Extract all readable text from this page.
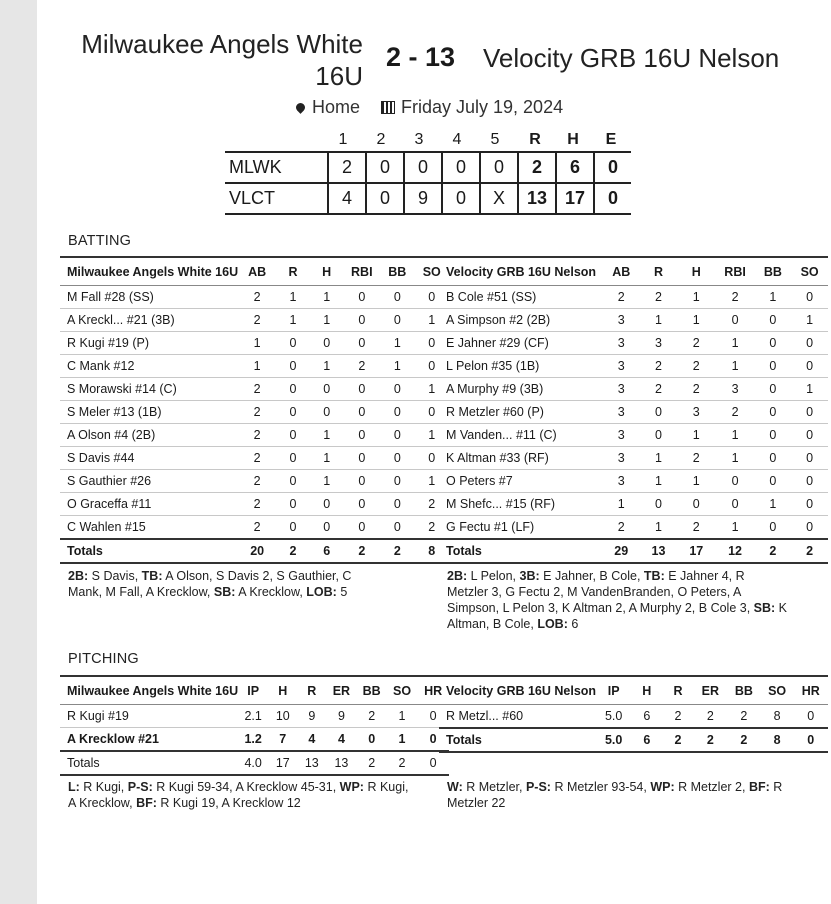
Milwaukee Angels White 16U
2 - 13 Velocity GRB 16U Nelson
Home Friday July 19, 2024
1	2	3	4	5	R	H	E
MLWK	2	0	0	0	0	2	6	0
VLCT	4	0	9	0	X	13	17	0
BATTING
Milwaukee Angels White 16U	AB	R	H	RBI	BB	SO
M Fall #28 (SS)	2	1	1	0	0	0
A Kreckl... #21 (3B)	2	1	1	0	0	1
R Kugi #19 (P)	1	0	0	0	1	0
C Mank #12	1	0	1	2	1	0
S Morawski #14 (C)	2	0	0	0	0	1
S Meler #13 (1B)	2	0	0	0	0	0
A Olson #4 (2B)	2	0	1	0	0	1
S Davis #44	2	0	1	0	0	0
S Gauthier #26	2	0	1	0	0	1
O Graceffa #11	2	0	0	0	0	2
C Wahlen #15	2	0	0	0	0	2
Totals	20	2	6	2	2	8
Velocity GRB 16U Nelson	AB	R	H	RBI	BB	SO
B Cole #51 (SS)	2	2	1	2	1	0
A Simpson #2 (2B)	3	1	1	0	0	1
E Jahner #29 (CF)	3	3	2	1	0	0
L Pelon #35 (1B)	3	2	2	1	0	0
A Murphy #9 (3B)	3	2	2	3	0	1
R Metzler #60 (P)	3	0	3	2	0	0
M Vanden... #11 (C)	3	0	1	1	0	0
K Altman #33 (RF)	3	1	2	1	0	0
O Peters #7	3	1	1	0	0	0
M Shefc... #15 (RF)	1	0	0	0	1	0
G Fectu #1 (LF)	2	1	2	1	0	0
Totals	29	13	17	12	2	2
2B: S Davis, TB: A Olson, S Davis 2, S Gauthier, C Mank, M Fall, A Krecklow, SB: A Krecklow, LOB: 5
2B: L Pelon, 3B: E Jahner, B Cole, TB: E Jahner 4, R Metzler 3, G Fectu 2, M VandenBranden, O Peters, A Simpson, L Pelon 3, K Altman 2, A Murphy 2, B Cole 3, SB: K Altman, B Cole, LOB: 6
PITCHING
Milwaukee Angels White 16U	IP	H	R	ER	BB	SO	HR
R Kugi #19	2.1	10	9	9	2	1	0
A Krecklow #21	1.2	7	4	4	0	1	0
Totals	4.0	17	13	13	2	2	0
Velocity GRB 16U Nelson	IP	H	R	ER	BB	SO	HR
R Metzl... #60	5.0	6	2	2	2	8	0
Totals	5.0	6	2	2	2	8	0
L: R Kugi, P-S: R Kugi 59-34, A Krecklow 45-31, WP: R Kugi, A Krecklow, BF: R Kugi 19, A Krecklow 12
W: R Metzler, P-S: R Metzler 93-54, WP: R Metzler 2, BF: R Metzler 22
